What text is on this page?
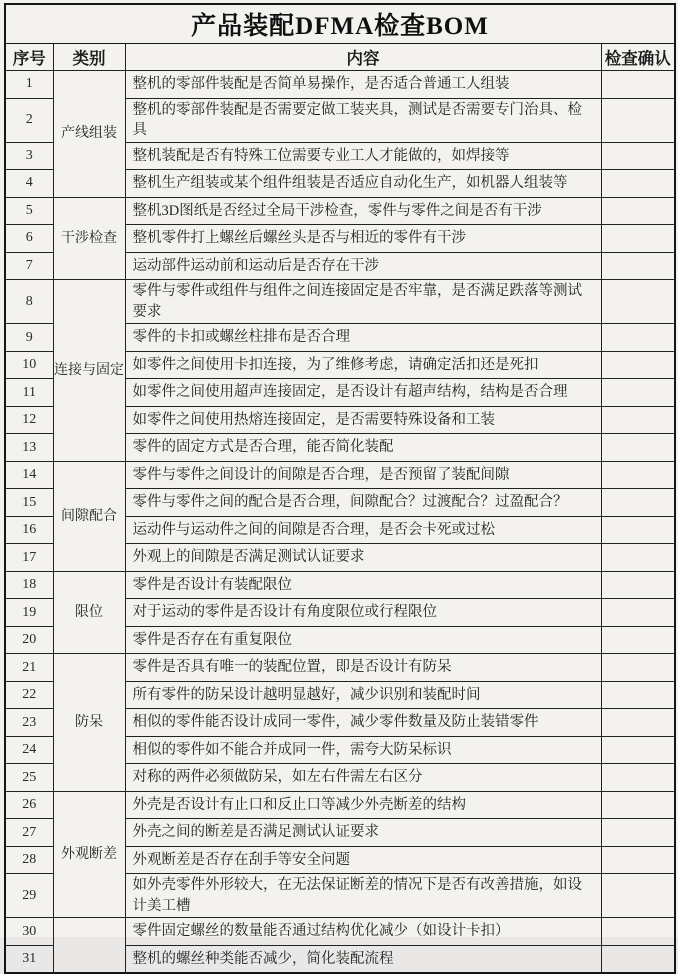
产品装配DFMA检查BOM			
序号	类别	内容	检查确认
1	产线组装	整机的零部件装配是否简单易操作，是否适合普通工人组装	
2		整机的零部件装配是否需要定做工装夹具，测试是否需要专门治具、检具	
3		整机装配是否有特殊工位需要专业工人才能做的，如焊接等	
4		整机生产组装或某个组件组装是否适应自动化生产，如机器人组装等	
5	干涉检查	整机3D图纸是否经过全局干涉检查，零件与零件之间是否有干涉	
6		整机零件打上螺丝后螺丝头是否与相近的零件有干涉	
7		运动部件运动前和运动后是否存在干涉	
8	连接与固定	零件与零件或组件与组件之间连接固定是否牢靠，是否满足跌落等测试要求	
9		零件的卡扣或螺丝柱排布是否合理	
10		如零件之间使用卡扣连接，为了维修考虑，请确定活扣还是死扣	
11		如零件之间使用超声连接固定，是否设计有超声结构，结构是否合理	
12		如零件之间使用热熔连接固定，是否需要特殊设备和工装	
13		零件的固定方式是否合理，能否简化装配	
14	间隙配合	零件与零件之间设计的间隙是否合理，是否预留了装配间隙	
15		零件与零件之间的配合是否合理，间隙配合？过渡配合？过盈配合？	
16		运动件与运动件之间的间隙是否合理，是否会卡死或过松	
17		外观上的间隙是否满足测试认证要求	
18	限位	零件是否设计有装配限位	
19		对于运动的零件是否设计有角度限位或行程限位	
20		零件是否存在有重复限位	
21	防呆	零件是否具有唯一的装配位置，即是否设计有防呆	
22		所有零件的防呆设计越明显越好，减少识别和装配时间	
23		相似的零件能否设计成同一零件，减少零件数量及防止装错零件	
24		相似的零件如不能合并成同一件，需夸大防呆标识	
25		对称的两件必须做防呆，如左右件需左右区分	
26	外观断差	外壳是否设计有止口和反止口等减少外壳断差的结构	
27		外壳之间的断差是否满足测试认证要求	
28		外观断差是否存在刮手等安全问题	
29		如外壳零件外形较大，在无法保证断差的情况下是否有改善措施，如设计美工槽	
30		零件固定螺丝的数量能否通过结构优化减少（如设计卡扣）	
31		整机的螺丝种类能否减少，简化装配流程	
